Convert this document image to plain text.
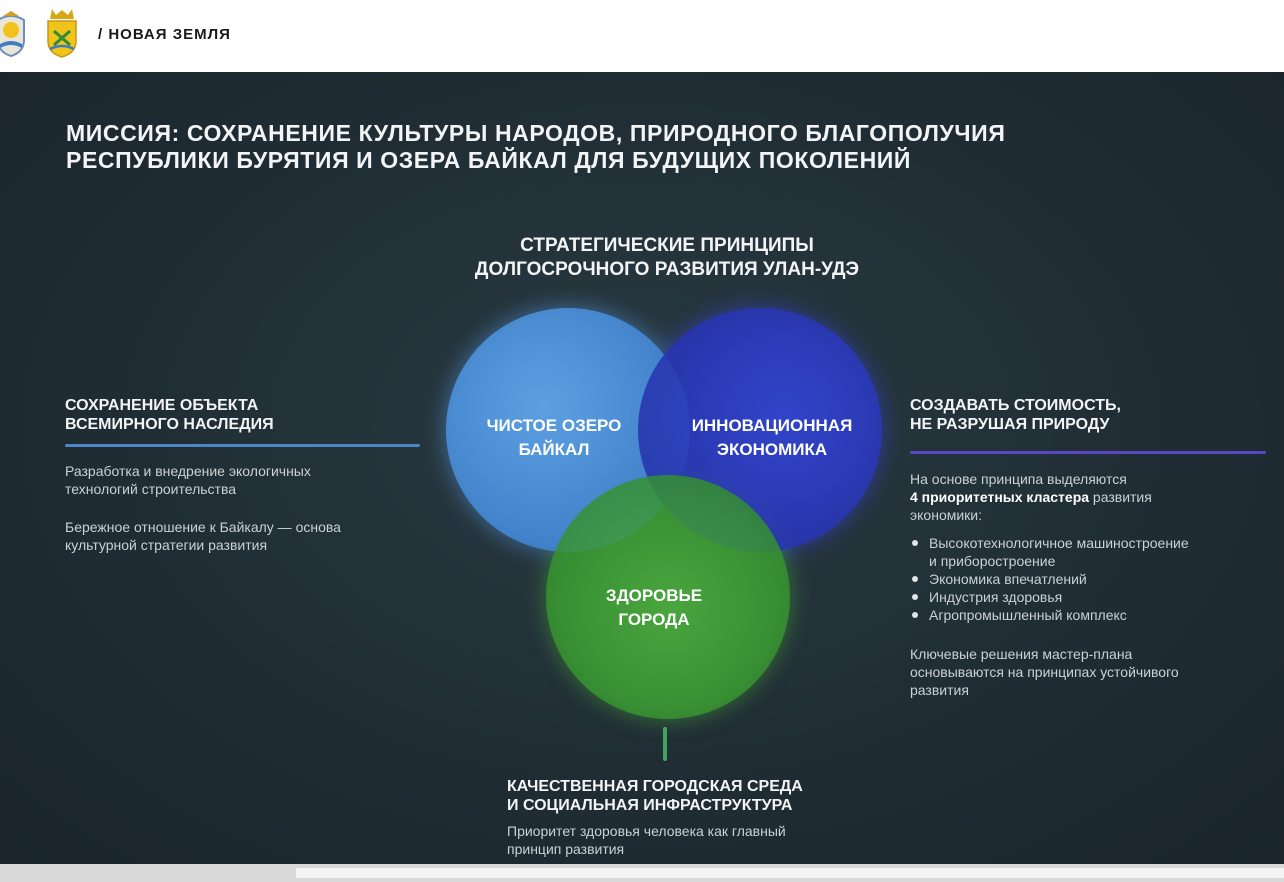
/ НОВАЯ ЗЕМЛЯ
МИССИЯ: СОХРАНЕНИЕ КУЛЬТУРЫ НАРОДОВ, ПРИРОДНОГО БЛАГОПОЛУЧИЯ
РЕСПУБЛИКИ БУРЯТИЯ И ОЗЕРА БАЙКАЛ ДЛЯ БУДУЩИХ ПОКОЛЕНИЙ
СТРАТЕГИЧЕСКИЕ ПРИНЦИПЫ
ДОЛГОСРОЧНОГО РАЗВИТИЯ УЛАН-УДЭ
ЧИСТОЕ ОЗЕРО
БАЙКАЛ
ИННОВАЦИОННАЯ
ЭКОНОМИКА
ЗДОРОВЬЕ
ГОРОДА
СОХРАНЕНИЕ ОБЪЕКТА
ВСЕМИРНОГО НАСЛЕДИЯ
Разработка и внедрение экологичных
технологий строительства
Бережное отношение к Байкалу — основа
культурной стратегии развития
СОЗДАВАТЬ СТОИМОСТЬ,
НЕ РАЗРУШАЯ ПРИРОДУ
На основе принципа выделяются
4 приоритетных кластера развития
экономики:
Высокотехнологичное машиностроение
и приборостроение
Экономика впечатлений
Индустрия здоровья
Агропромышленный комплекс
Ключевые решения мастер-плана
основываются на принципах устойчивого
развития
КАЧЕСТВЕННАЯ ГОРОДСКАЯ СРЕДА
И СОЦИАЛЬНАЯ ИНФРАСТРУКТУРА
Приоритет здоровья человека как главный
принцип развития
